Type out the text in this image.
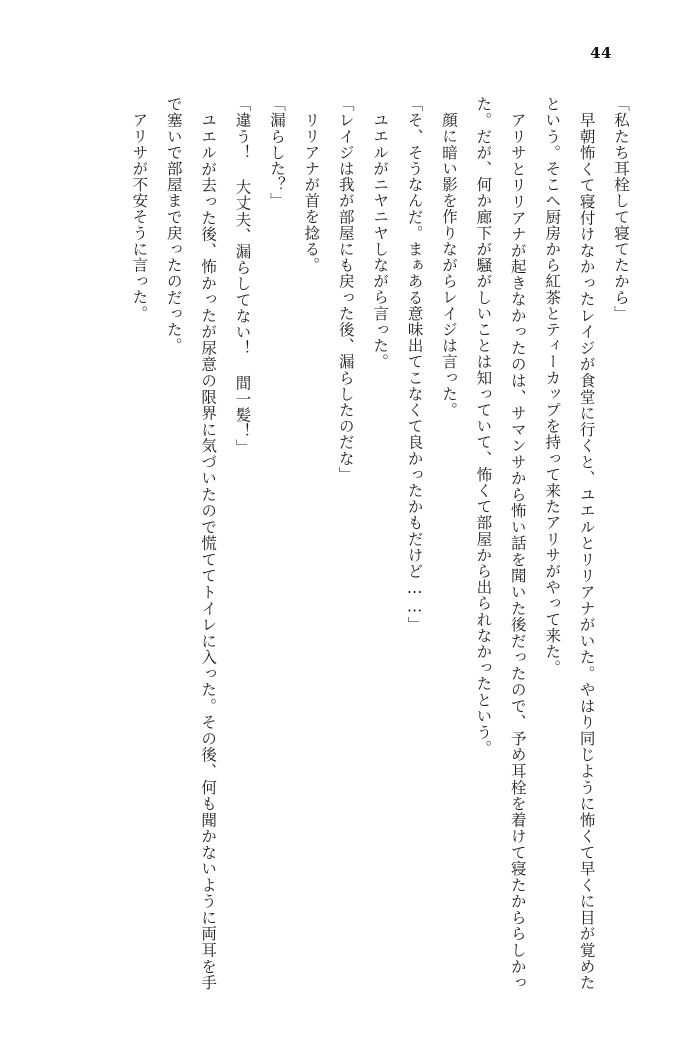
44

「私たち耳栓して寝てたから」

早朝怖くて寝付けなかったレイジが食堂に行くと、ユエルとリリアナがいた。やはり同じように怖くて早くに目が覚めたという。そこへ厨房から紅茶とティーカップを持って来たアリサがやって来た。

アリサとリリアナが起きなかったのは、サマンサから怖い話を聞いた後だったので、予め耳栓を着けて寝たかららしかった。だが、何か廊下が騒がしいことは知っていて、怖くて部屋から出られなかったという。

顔に暗い影を作りながらレイジは言った。

「そ、そうなんだ。まぁある意味出てこなくて良かったかもだけど……」

ユエルがニヤニヤしながら言った。

「レイジは我が部屋にも戻った後、漏らしたのだな」

リリアナが首を捻る。

「漏らした？」

「違う！ 大丈夫、漏らしてない！ 間一髪！」

ユエルが去った後、怖かったが尿意の限界に気づいたので慌ててトイレに入った。その後、何も聞かないように両耳を手で塞いで部屋まで戻ったのだった。

アリサが不安そうに言った。
